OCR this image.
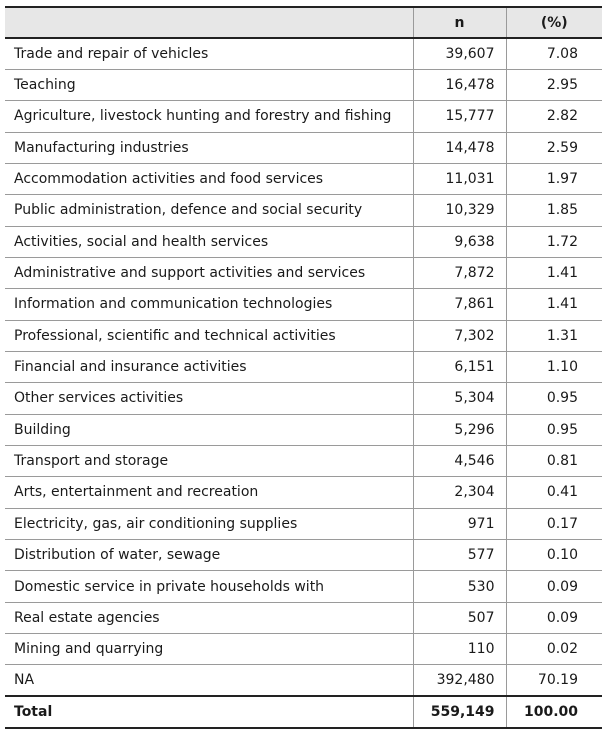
	n	(%)
Trade and repair of vehicles	39,607	7.08
Teaching	16,478	2.95
Agriculture, livestock hunting and forestry and fishing	15,777	2.82
Manufacturing industries	14,478	2.59
Accommodation activities and food services	11,031	1.97
Public administration, defence and social security	10,329	1.85
Activities, social and health services	9,638	1.72
Administrative and support activities and services	7,872	1.41
Information and communication technologies	7,861	1.41
Professional, scientific and technical activities	7,302	1.31
Financial and insurance activities	6,151	1.10
Other services activities	5,304	0.95
Building	5,296	0.95
Transport and storage	4,546	0.81
Arts, entertainment and recreation	2,304	0.41
Electricity, gas, air conditioning supplies	971	0.17
Distribution of water, sewage	577	0.10
Domestic service in private households with	530	0.09
Real estate agencies	507	0.09
Mining and quarrying	110	0.02
NA	392,480	70.19
Total	559,149	100.00
